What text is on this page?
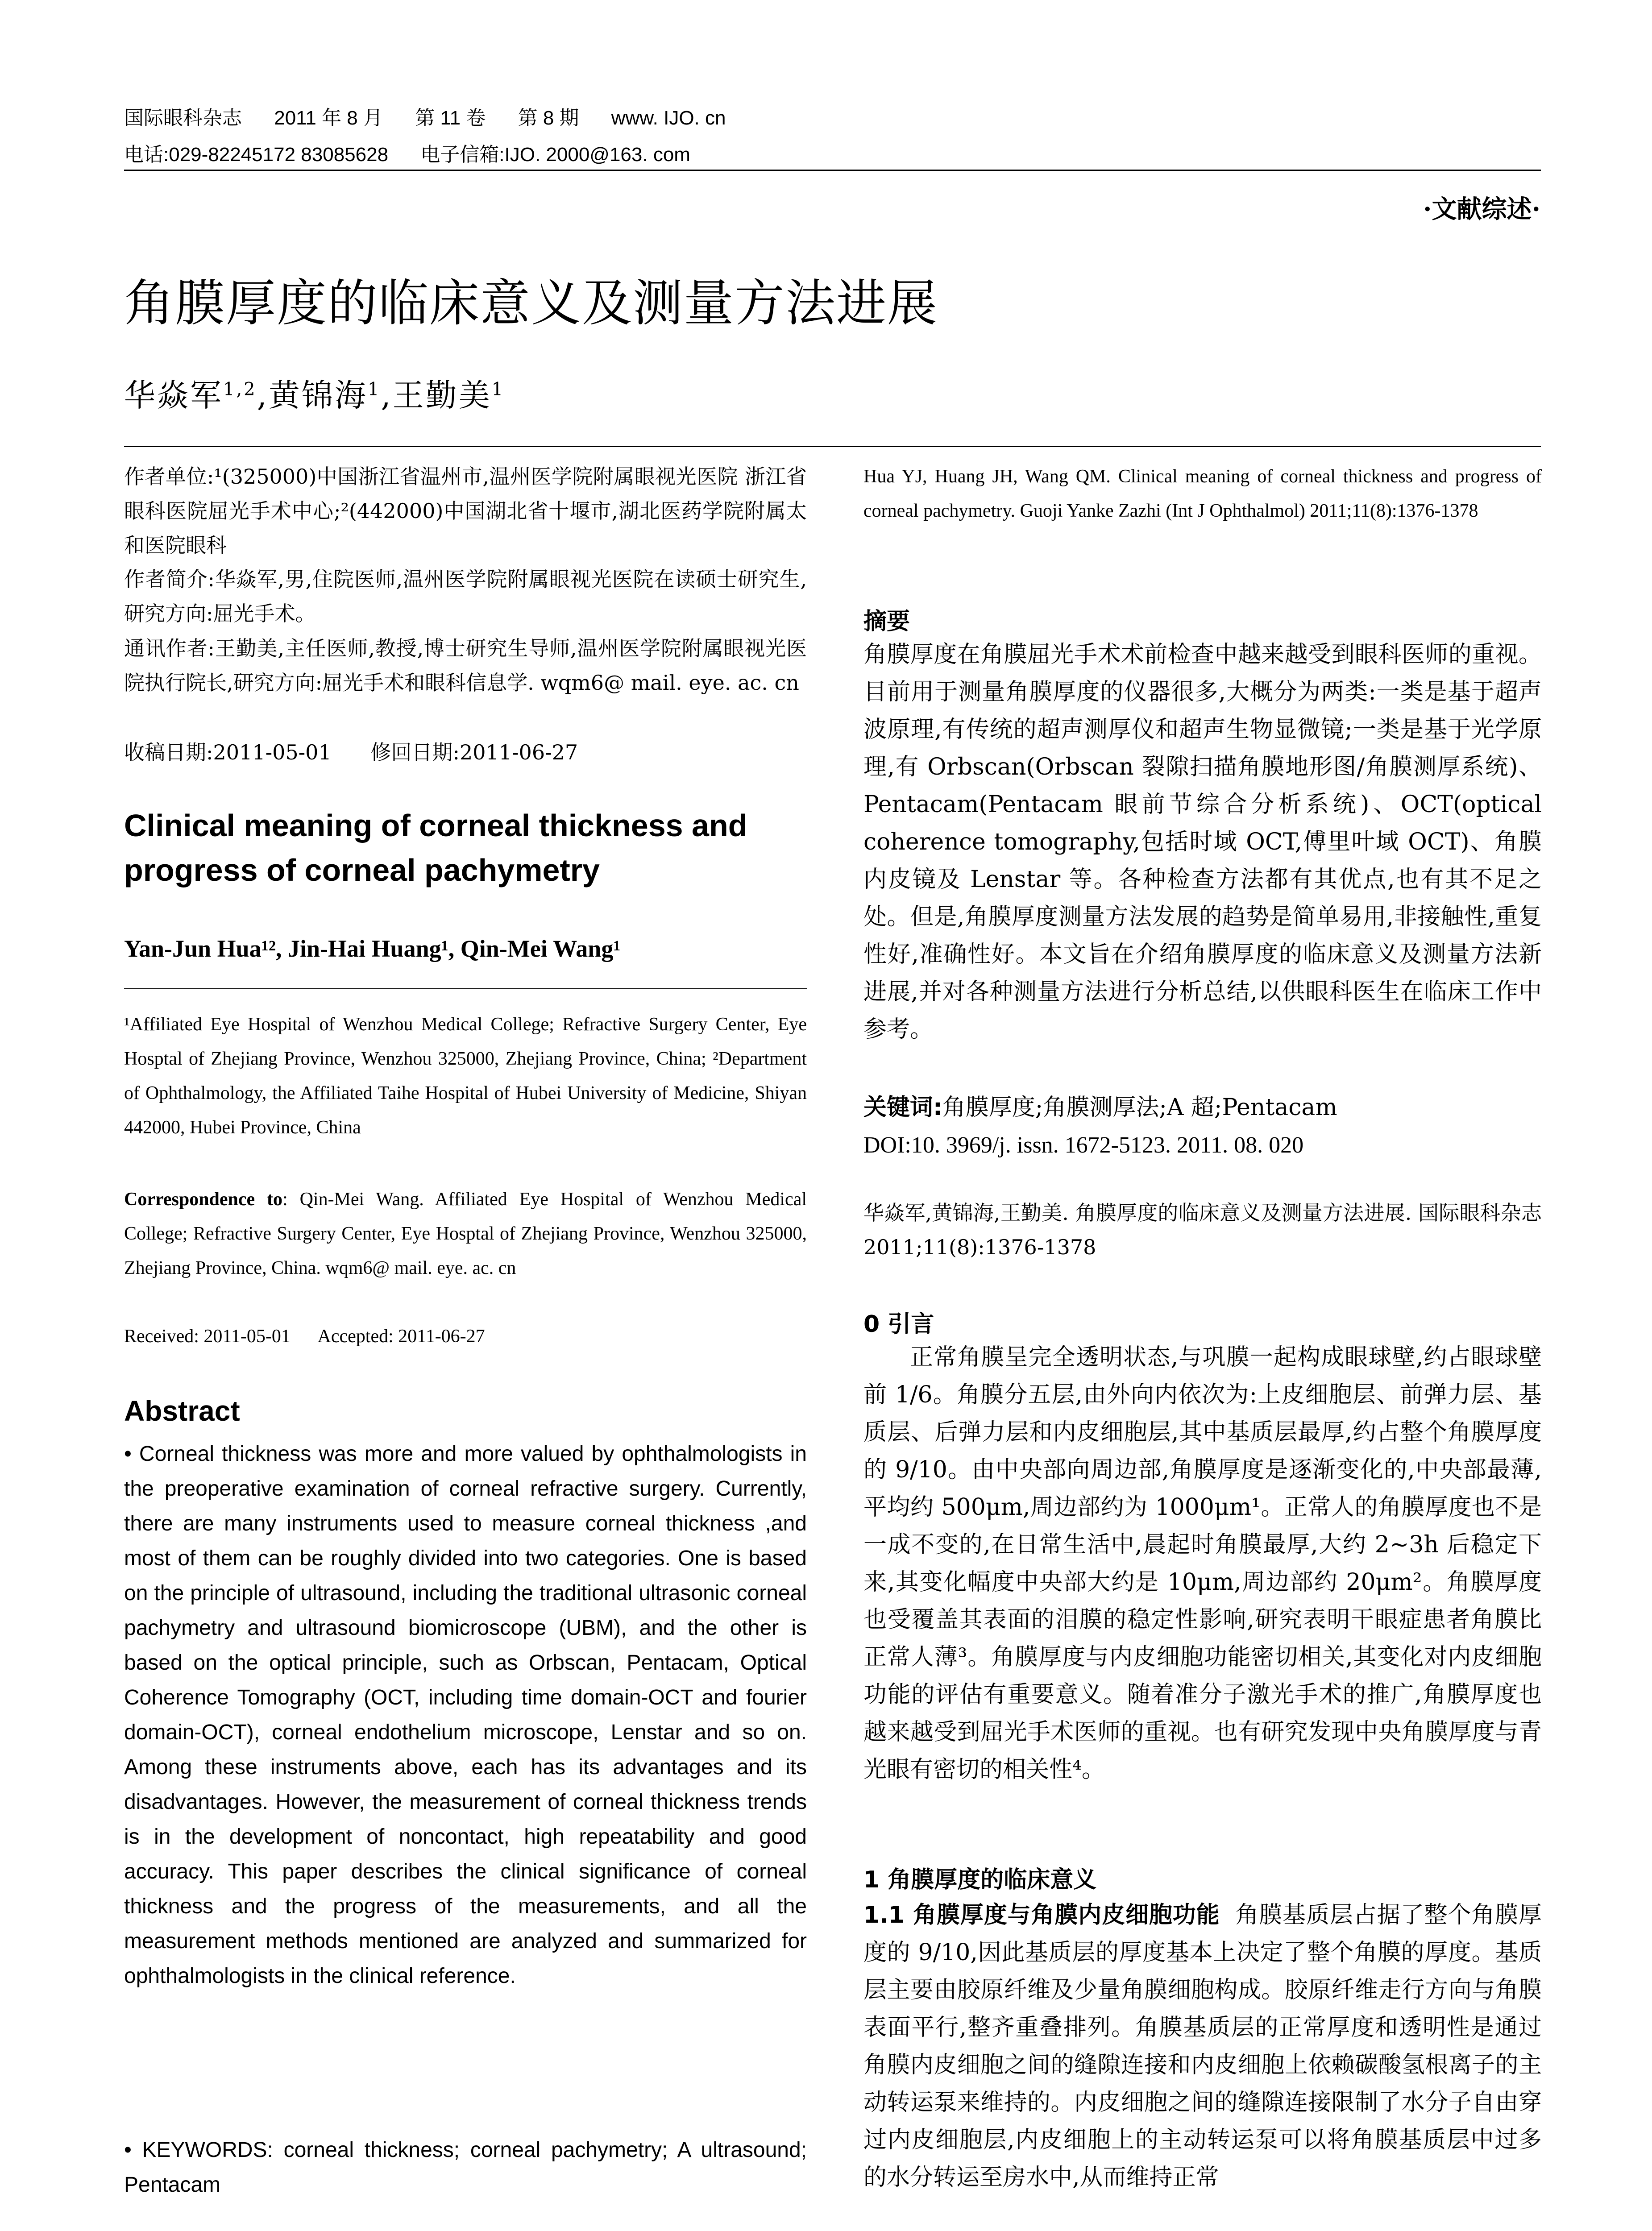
国际眼科杂志 2011 年 8 月 第 11 卷 第 8 期 www. IJO. cn
电话:029-82245172 83085628 电子信箱:IJO. 2000@163. com
·文献综述·
角膜厚度的临床意义及测量方法进展
华焱军$^{1,2}$,黄锦海$^1$,王勤美$^1$
作者单位:¹(325000)中国浙江省温州市,温州医学院附属眼视光医院 浙江省眼科医院屈光手术中心;²(442000)中国湖北省十堰市,湖北医药学院附属太和医院眼科
作者简介:华焱军,男,住院医师,温州医学院附属眼视光医院在读硕士研究生,研究方向:屈光手术。
通讯作者:王勤美,主任医师,教授,博士研究生导师,温州医学院附属眼视光医院执行院长,研究方向:屈光手术和眼科信息学. wqm6@ mail. eye. ac. cn
收稿日期:2011-05-01      修回日期:2011-06-27
Clinical meaning of corneal thickness and progress of corneal pachymetry
Yan-Jun Hua¹², Jin-Hai Huang¹, Qin-Mei Wang¹
¹Affiliated Eye Hospital of Wenzhou Medical College; Refractive Surgery Center, Eye Hosptal of Zhejiang Province, Wenzhou 325000, Zhejiang Province, China; ²Department of Ophthalmology, the Affiliated Taihe Hospital of Hubei University of Medicine, Shiyan 442000, Hubei Province, China
Correspondence to: Qin-Mei Wang. Affiliated Eye Hospital of Wenzhou Medical College; Refractive Surgery Center, Eye Hosptal of Zhejiang Province, Wenzhou 325000, Zhejiang Province, China. wqm6@ mail. eye. ac. cn
Received: 2011-05-01      Accepted: 2011-06-27
Abstract
• Corneal thickness was more and more valued by ophthalmologists in the preoperative examination of corneal refractive surgery. Currently, there are many instruments used to measure corneal thickness ,and most of them can be roughly divided into two categories. One is based on the principle of ultrasound, including the traditional ultrasonic corneal pachymetry and ultrasound biomicroscope (UBM), and the other is based on the optical principle, such as Orbscan, Pentacam, Optical Coherence Tomography (OCT, including time domain-OCT and fourier domain-OCT), corneal endothelium microscope, Lenstar and so on. Among these instruments above, each has its advantages and its disadvantages. However, the measurement of corneal thickness trends is in the development of noncontact, high repeatability and good accuracy. This paper describes the clinical significance of corneal thickness and the progress of the measurements, and all the measurement methods mentioned are analyzed and summarized for ophthalmologists in the clinical reference.
• KEYWORDS: corneal thickness; corneal pachymetry; A ultrasound; Pentacam
Hua YJ, Huang JH, Wang QM. Clinical meaning of corneal thickness and progress of corneal pachymetry. Guoji Yanke Zazhi (Int J Ophthalmol) 2011;11(8):1376-1378
摘要
角膜厚度在角膜屈光手术术前检查中越来越受到眼科医师的重视。目前用于测量角膜厚度的仪器很多,大概分为两类:一类是基于超声波原理,有传统的超声测厚仪和超声生物显微镜;一类是基于光学原理,有 Orbscan(Orbscan 裂隙扫描角膜地形图/角膜测厚系统)、Pentacam(Pentacam 眼前节综合分析系统)、OCT(optical coherence tomography,包括时域 OCT,傅里叶域 OCT)、角膜内皮镜及 Lenstar 等。各种检查方法都有其优点,也有其不足之处。但是,角膜厚度测量方法发展的趋势是简单易用,非接触性,重复性好,准确性好。本文旨在介绍角膜厚度的临床意义及测量方法新进展,并对各种测量方法进行分析总结,以供眼科医生在临床工作中参考。
关键词:角膜厚度;角膜测厚法;A 超;Pentacam
DOI:10. 3969/j. issn. 1672-5123. 2011. 08. 020
华焱军,黄锦海,王勤美. 角膜厚度的临床意义及测量方法进展. 国际眼科杂志 2011;11(8):1376-1378
0 引言
正常角膜呈完全透明状态,与巩膜一起构成眼球壁,约占眼球壁前 1/6。角膜分五层,由外向内依次为:上皮细胞层、前弹力层、基质层、后弹力层和内皮细胞层,其中基质层最厚,约占整个角膜厚度的 9/10。由中央部向周边部,角膜厚度是逐渐变化的,中央部最薄,平均约 500μm,周边部约为 1000μm¹。正常人的角膜厚度也不是一成不变的,在日常生活中,晨起时角膜最厚,大约 2~3h 后稳定下来,其变化幅度中央部大约是 10μm,周边部约 20μm²。角膜厚度也受覆盖其表面的泪膜的稳定性影响,研究表明干眼症患者角膜比正常人薄³。角膜厚度与内皮细胞功能密切相关,其变化对内皮细胞功能的评估有重要意义。随着准分子激光手术的推广,角膜厚度也越来越受到屈光手术医师的重视。也有研究发现中央角膜厚度与青光眼有密切的相关性⁴。
1 角膜厚度的临床意义
1.1 角膜厚度与角膜内皮细胞功能 角膜基质层占据了整个角膜厚度的 9/10,因此基质层的厚度基本上决定了整个角膜的厚度。基质层主要由胶原纤维及少量角膜细胞构成。胶原纤维走行方向与角膜表面平行,整齐重叠排列。角膜基质层的正常厚度和透明性是通过角膜内皮细胞之间的缝隙连接和内皮细胞上依赖碳酸氢根离子的主动转运泵来维持的。内皮细胞之间的缝隙连接限制了水分子自由穿过内皮细胞层,内皮细胞上的主动转运泵可以将角膜基质层中过多的水分转运至房水中,从而维持正常
